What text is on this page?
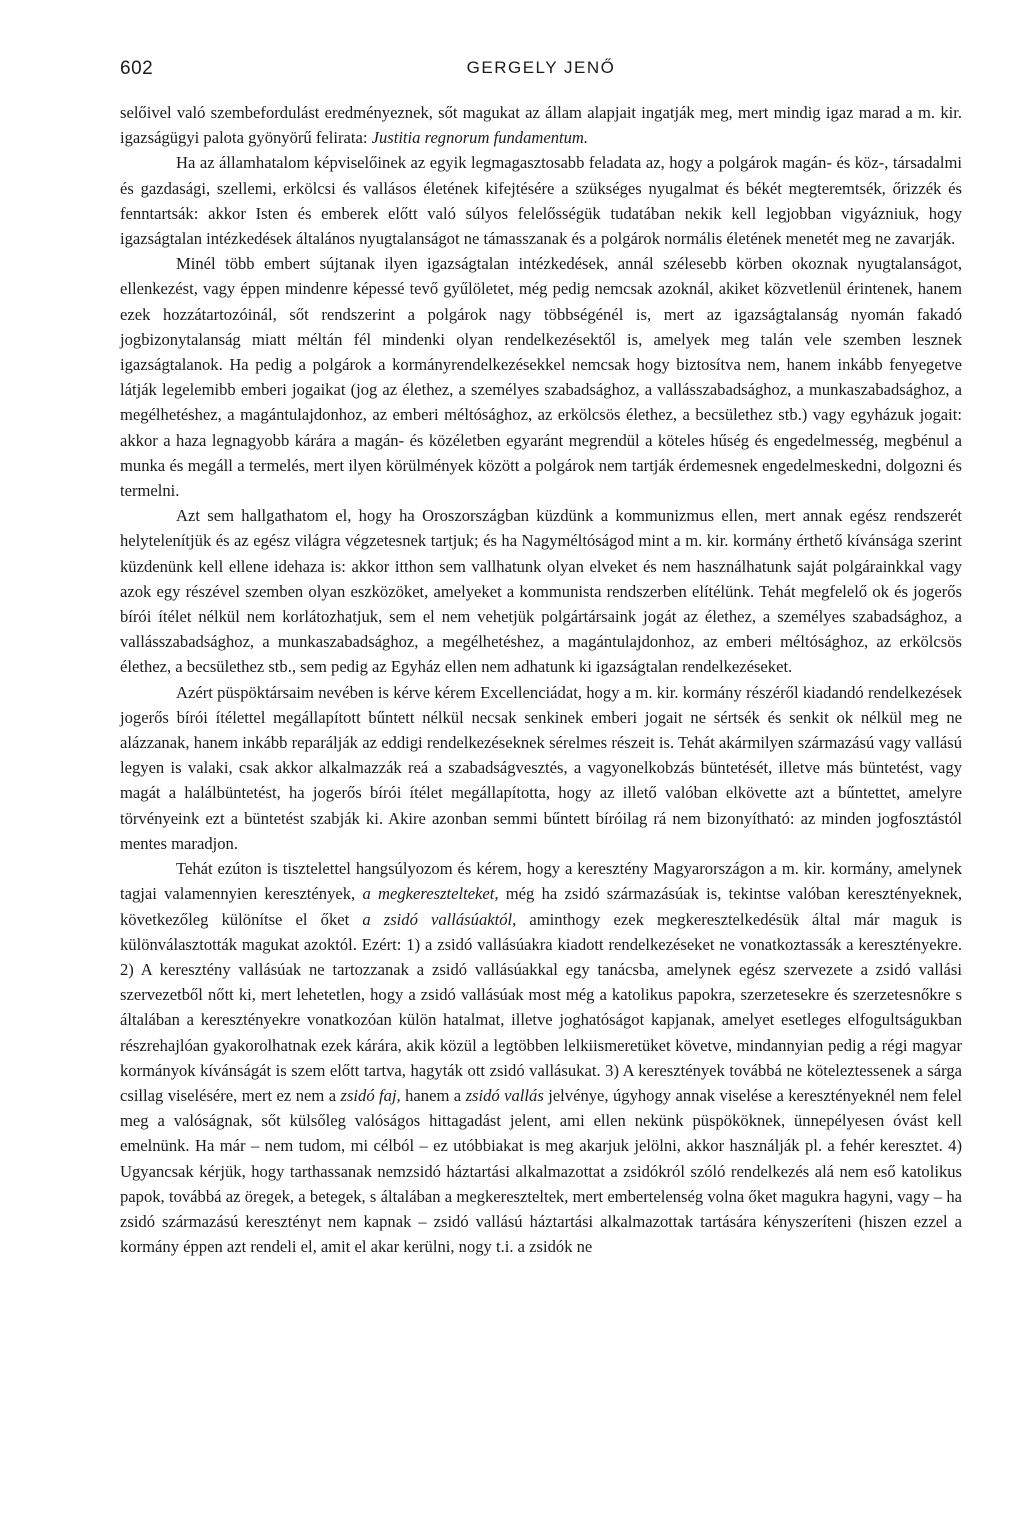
602	GERGELY JENŐ

selőivel való szembefordulást eredményeznek, sőt magukat az állam alapjait ingatják meg, mert mindig igaz marad a m. kir. igazságügyi palota gyönyörű felirata: Justitia regnorum fundamentum.

Ha az államhatalom képviselőinek az egyik legmagasztosabb feladata az, hogy a polgárok magán- és köz-, társadalmi és gazdasági, szellemi, erkölcsi és vallásos életének kifejtésére a szükséges nyugalmat és békét megteremtsék, őrizzék és fenntartsák: akkor Isten és emberek előtt való súlyos felelősségük tudatában nekik kell legjobban vigyázniuk, hogy igazságtalan intézkedések általános nyugtalanságot ne támasszanak és a polgárok normális életének menetét meg ne zavarják.

Minél több embert sújtanak ilyen igazságtalan intézkedések, annál szélesebb körben okoznak nyugtalanságot, ellenkezést, vagy éppen mindenre képessé tevő gyűlöletet, még pedig nemcsak azoknál, akiket közvetlenül érintenek, hanem ezek hozzátartozóinál, sőt rendszerint a polgárok nagy többségénél is, mert az igazságtalanság nyomán fakadó jogbizonytalanság miatt méltán fél mindenki olyan rendelkezésektől is, amelyek meg talán vele szemben lesznek igazságtalanok. Ha pedig a polgárok a kormányrendelkezésekkel nemcsak hogy biztosítva nem, hanem inkább fenyegetve látják legelemibb emberi jogaikat (jog az élethez, a személyes szabadsághoz, a vallásszabadsághoz, a munkaszabadsághoz, a megélhetéshez, a magántulajdonhoz, az emberi méltósághoz, az erkölcsös élethez, a becsülethez stb.) vagy egyházuk jogait: akkor a haza legnagyobb kárára a magán- és közéletben egyaránt megrendül a köteles hűség és engedelmesség, megbénul a munka és megáll a termelés, mert ilyen körülmények között a polgárok nem tartják érdemesnek engedelmeskedni, dolgozni és termelni.

Azt sem hallgathatom el, hogy ha Oroszországban küzdünk a kommunizmus ellen, mert annak egész rendszerét helytelenítjük és az egész világra végzetesnek tartjuk; és ha Nagyméltóságod mint a m. kir. kormány érthető kívánsága szerint küzdenünk kell ellene idehaza is: akkor itthon sem vallhatunk olyan elveket és nem használhatunk saját polgárainkkal vagy azok egy részével szemben olyan eszközöket, amelyeket a kommunista rendszerben elítélünk. Tehát megfelelő ok és jogerős bírói ítélet nélkül nem korlátozhatjuk, sem el nem vehetjük polgártársaink jogát az élethez, a személyes szabadsághoz, a vallásszabadsághoz, a munkaszabadsághoz, a megélhetéshez, a magántulajdonhoz, az emberi méltósághoz, az erkölcsös élethez, a becsülethez stb., sem pedig az Egyház ellen nem adhatunk ki igazságtalan rendelkezéseket.

Azért püspöktársaim nevében is kérve kérem Excellenciádat, hogy a m. kir. kormány részéről kiadandó rendelkezések jogerős bírói ítélettel megállapított bűntett nélkül necsak senkinek emberi jogait ne sértsék és senkit ok nélkül meg ne alázzanak, hanem inkább reparálják az eddigi rendelkezéseknek sérelmes részeit is. Tehát akármilyen származású vagy vallású legyen is valaki, csak akkor alkalmazzák reá a szabadságvesztés, a vagyonelkobzás büntetését, illetve más büntetést, vagy magát a halálbüntetést, ha jogerős bírói ítélet megállapította, hogy az illető valóban elkövette azt a bűntettet, amelyre törvényeink ezt a büntetést szabják ki. Akire azonban semmi bűntett bíróilag rá nem bizonyítható: az minden jogfosztástól mentes maradjon.

Tehát ezúton is tisztelettel hangsúlyozom és kérem, hogy a keresztény Magyarországon a m. kir. kormány, amelynek tagjai valamennyien keresztények, a megkeresztelteket, még ha zsidó származásúak is, tekintse valóban keresztényeknek, következőleg különítse el őket a zsidó vallásúaktól, aminthogy ezek megkeresztelkedésük által már maguk is különválasztották magukat azoktól. Ezért: 1) a zsidó vallásúakra kiadott rendelkezéseket ne vonatkoztassák a keresztényekre. 2) A keresztény vallásúak ne tartozzanak a zsidó vallásúakkal egy tanácsba, amelynek egész szervezete a zsidó vallási szervezetből nőtt ki, mert lehetetlen, hogy a zsidó vallásúak most még a katolikus papokra, szerzetesekre és szerzetesnőkre s általában a keresztényekre vonatkozóan külön hatalmat, illetve joghatóságot kapjanak, amelyet esetleges elfogultságukban részrehajlóan gyakorolhatnak ezek kárára, akik közül a legtöbben lelkiismeretüket követve, mindannyian pedig a régi magyar kormányok kívánságát is szem előtt tartva, hagyták ott zsidó vallásukat. 3) A keresztények továbbá ne köteleztessenek a sárga csillag viselésére, mert ez nem a zsidó faj, hanem a zsidó vallás jelvénye, úgyhogy annak viselése a keresztényeknél nem felel meg a valóságnak, sőt külsőleg valóságos hittagadást jelent, ami ellen nekünk püspököknek, ünnepélyesen óvást kell emelnünk. Ha már – nem tudom, mi célból – ez utóbbiakat is meg akarjuk jelölni, akkor használják pl. a fehér keresztet. 4) Ugyancsak kérjük, hogy tarthassanak nemzsidó háztartási alkalmazottat a zsidókról szóló rendelkezés alá nem eső katolikus papok, továbbá az öregek, a betegek, s általában a megkereszteltek, mert embertelenség volna őket magukra hagyni, vagy – ha zsidó származású keresztényt nem kapnak – zsidó vallású háztartási alkalmazottak tartására kényszeríteni (hiszen ezzel a kormány éppen azt rendeli el, amit el akar kerülni, nogy t.i. a zsidók ne
